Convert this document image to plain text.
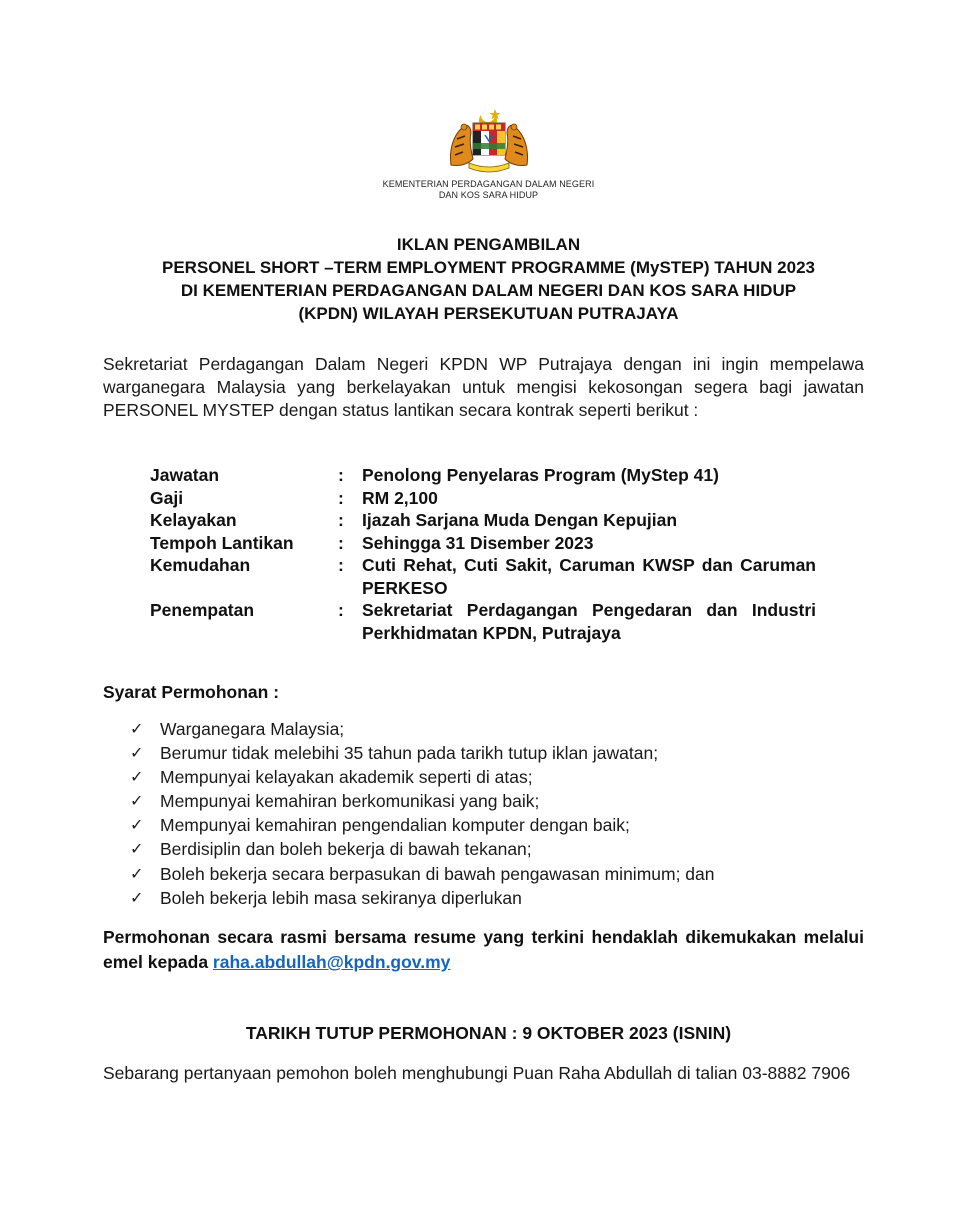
KEMENTERIAN PERDAGANGAN DALAM NEGERI
DAN KOS SARA HIDUP
IKLAN PENGAMBILAN
PERSONEL SHORT –TERM EMPLOYMENT PROGRAMME (MySTEP) TAHUN 2023
DI KEMENTERIAN PERDAGANGAN DALAM NEGERI DAN KOS SARA HIDUP
(KPDN) WILAYAH PERSEKUTUAN PUTRAJAYA
Sekretariat Perdagangan Dalam Negeri KPDN WP Putrajaya dengan ini ingin mempelawa warganegara Malaysia yang berkelayakan untuk mengisi kekosongan segera bagi jawatan PERSONEL MYSTEP dengan status lantikan secara kontrak seperti berikut :
Jawatan	:	Penolong Penyelaras Program (MyStep 41)
Gaji	:	RM 2,100
Kelayakan	:	Ijazah Sarjana Muda Dengan Kepujian
Tempoh Lantikan	:	Sehingga 31 Disember 2023
Kemudahan	:	Cuti Rehat, Cuti Sakit, Caruman KWSP dan Caruman PERKESO
Penempatan	:	Sekretariat Perdagangan Pengedaran dan Industri Perkhidmatan KPDN, Putrajaya
Syarat Permohonan :
✓ Warganegara Malaysia;
✓ Berumur tidak melebihi 35 tahun pada tarikh tutup iklan jawatan;
✓ Mempunyai kelayakan akademik seperti di atas;
✓ Mempunyai kemahiran berkomunikasi yang baik;
✓ Mempunyai kemahiran pengendalian komputer dengan baik;
✓ Berdisiplin dan boleh bekerja di bawah tekanan;
✓ Boleh bekerja secara berpasukan di bawah pengawasan minimum; dan
✓ Boleh bekerja lebih masa sekiranya diperlukan
Permohonan secara rasmi bersama resume yang terkini hendaklah dikemukakan melalui emel kepada raha.abdullah@kpdn.gov.my
TARIKH TUTUP PERMOHONAN : 9 OKTOBER 2023 (ISNIN)
Sebarang pertanyaan pemohon boleh menghubungi Puan Raha Abdullah di talian 03-8882 7906
